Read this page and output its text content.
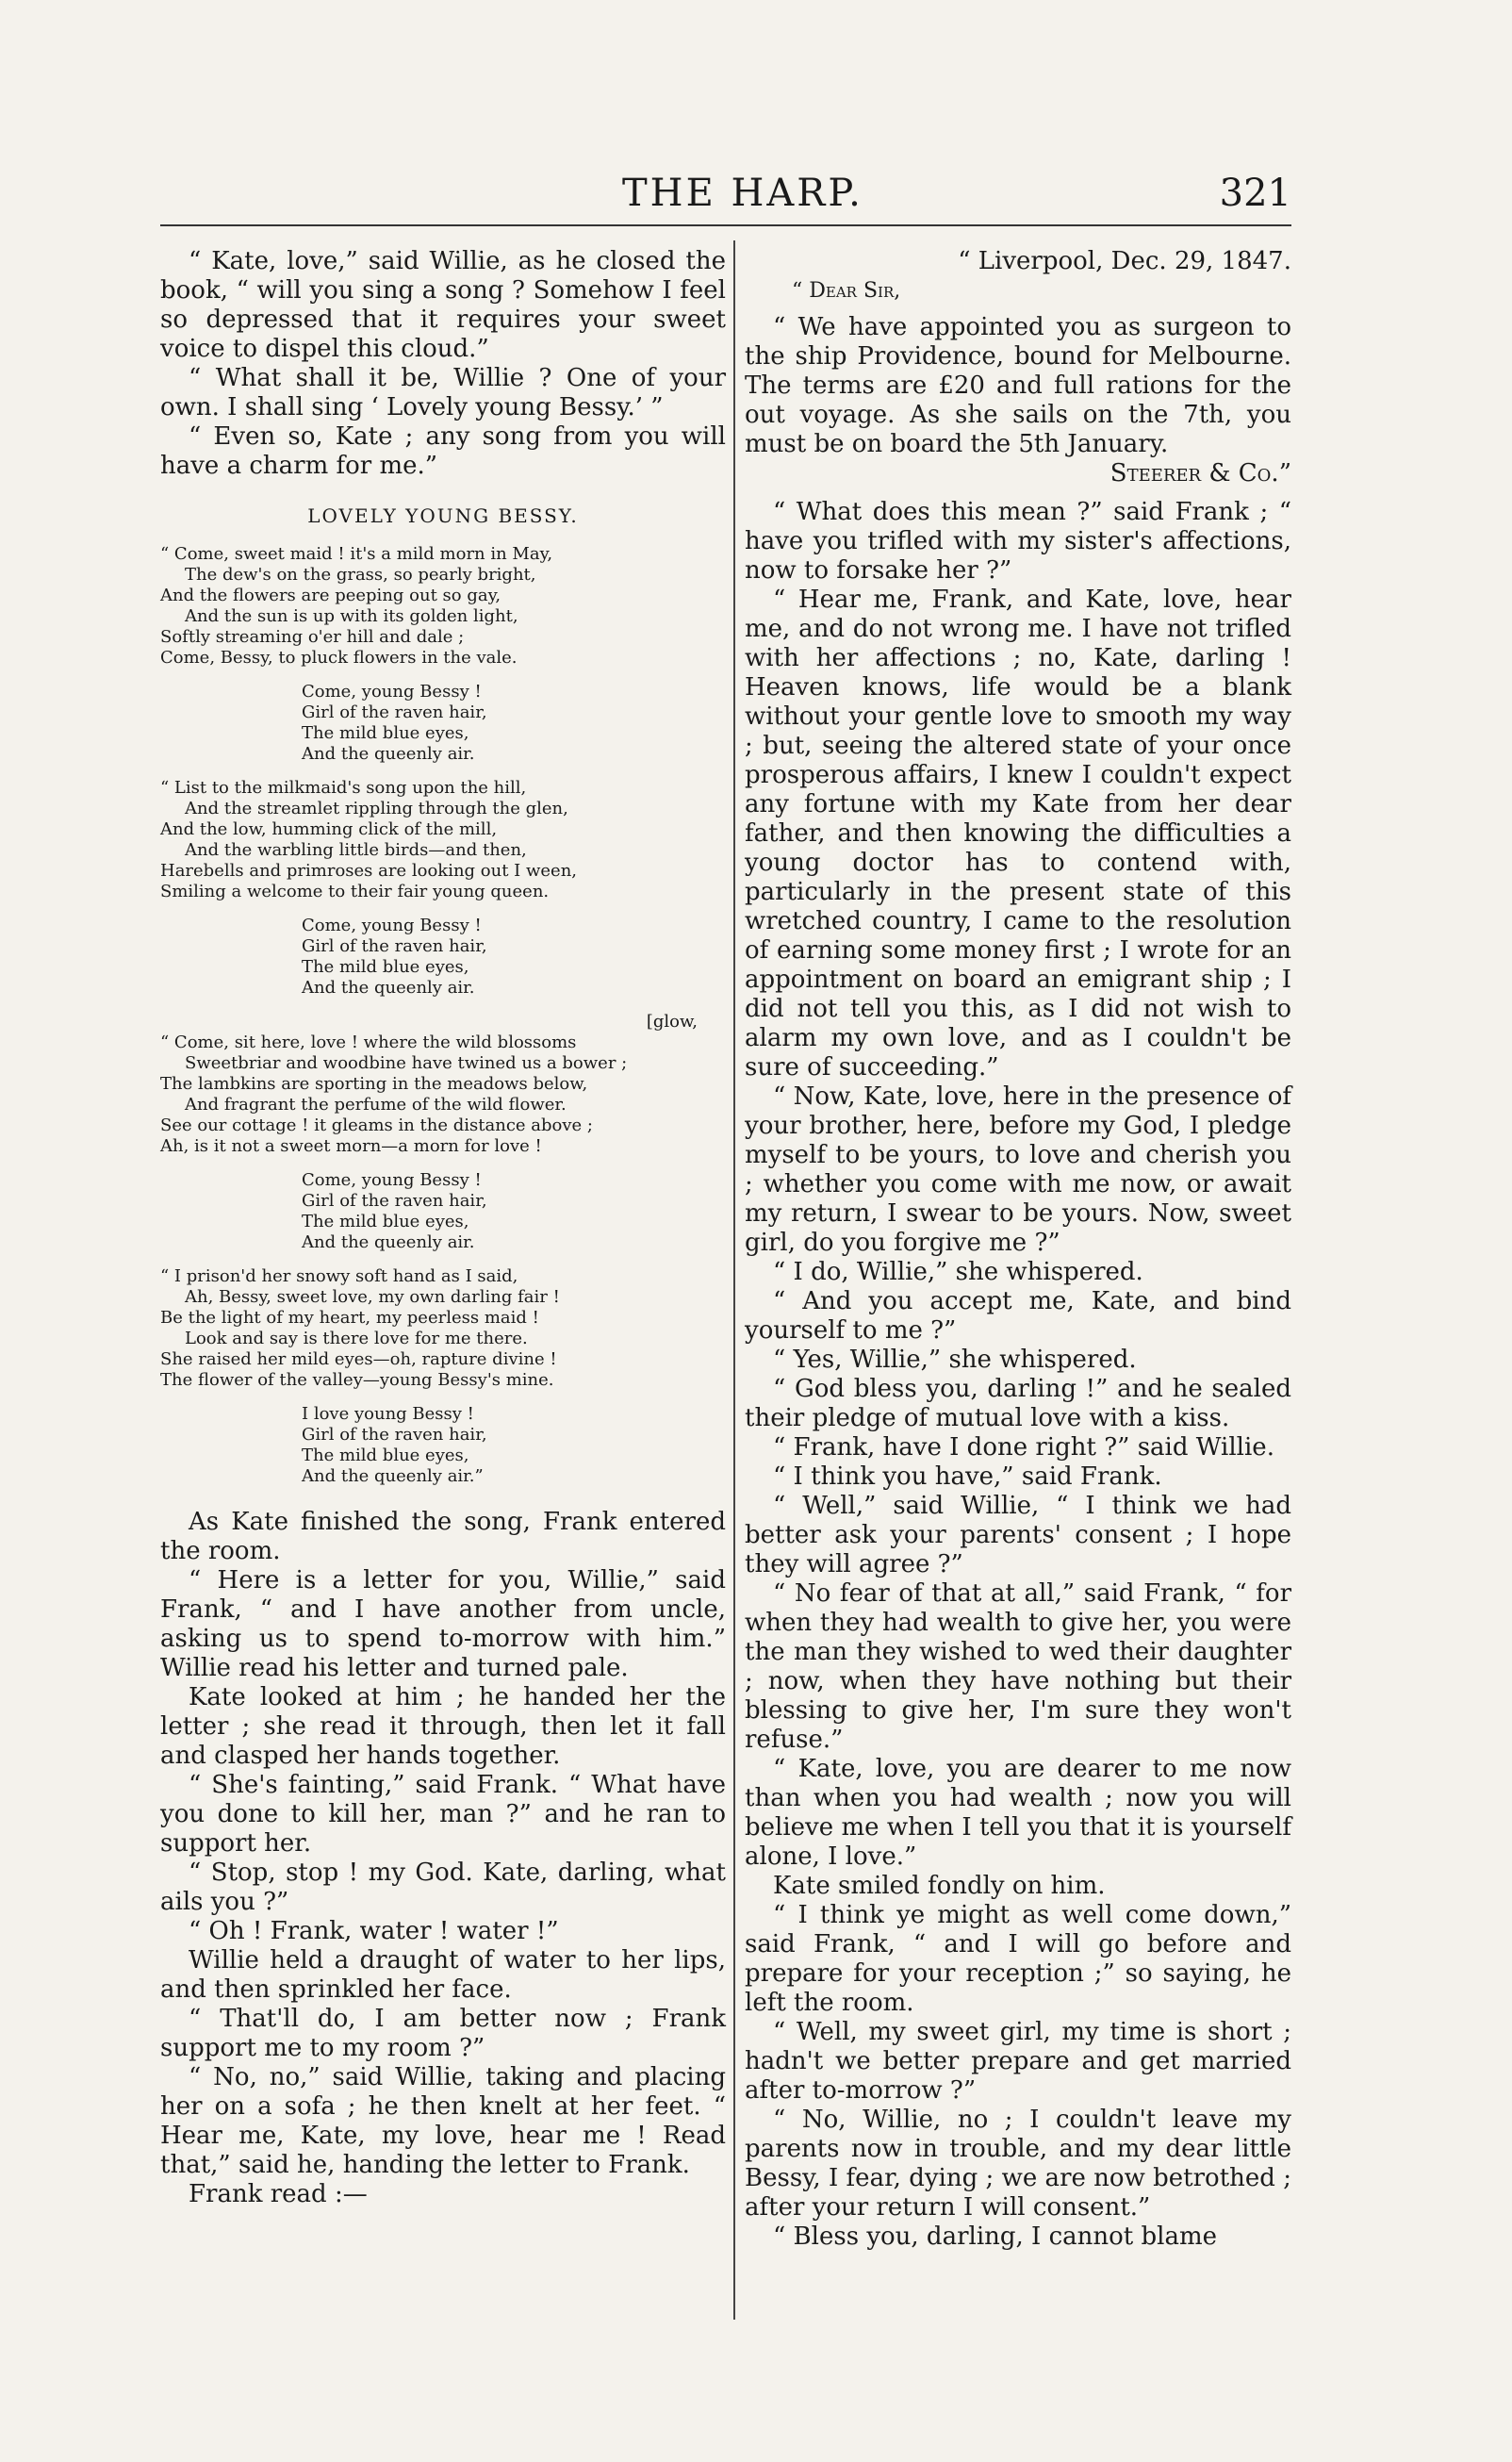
THE HARP.	321

“ Kate, love,” said Willie, as he closed the book, “ will you sing a song ? Somehow I feel so depressed that it requires your sweet voice to dispel this cloud.”

“ What shall it be, Willie ? One of your own. I shall sing ‘ Lovely young Bessy.’ ”

“ Even so, Kate ; any song from you will have a charm for me.”

LOVELY YOUNG BESSY.
“ Come, sweet maid ! it's a mild morn in May,
The dew's on the grass, so pearly bright,
And the flowers are peeping out so gay,
And the sun is up with its golden light,
Softly streaming o'er hill and dale ;
Come, Bessy, to pluck flowers in the vale.
Come, young Bessy !
Girl of the raven hair,
The mild blue eyes,
And the queenly air.
“ List to the milkmaid's song upon the hill,
And the streamlet rippling through the glen,
And the low, humming click of the mill,
And the warbling little birds—and then,
Harebells and primroses are looking out I ween,
Smiling a welcome to their fair young queen.
Come, young Bessy !
Girl of the raven hair,
The mild blue eyes,
And the queenly air.
[glow,
“ Come, sit here, love ! where the wild blossoms
Sweetbriar and woodbine have twined us a bower ;
The lambkins are sporting in the meadows below,
And fragrant the perfume of the wild flower.
See our cottage ! it gleams in the distance above ;
Ah, is it not a sweet morn—a morn for love !
Come, young Bessy !
Girl of the raven hair,
The mild blue eyes,
And the queenly air.
“ I prison'd her snowy soft hand as I said,
Ah, Bessy, sweet love, my own darling fair !
Be the light of my heart, my peerless maid !
Look and say is there love for me there.
She raised her mild eyes—oh, rapture divine !
The flower of the valley—young Bessy's mine.
I love young Bessy !
Girl of the raven hair,
The mild blue eyes,
And the queenly air.”

As Kate finished the song, Frank entered the room.

“ Here is a letter for you, Willie,” said Frank, “ and I have another from uncle, asking us to spend to-morrow with him.” Willie read his letter and turned pale.

Kate looked at him ; he handed her the letter ; she read it through, then let it fall and clasped her hands together.

“ She's fainting,” said Frank. “ What have you done to kill her, man ?” and he ran to support her.

“ Stop, stop ! my God. Kate, darling, what ails you ?”

“ Oh ! Frank, water ! water !”

Willie held a draught of water to her lips, and then sprinkled her face.

“ That'll do, I am better now ; Frank support me to my room ?”

“ No, no,” said Willie, taking and placing her on a sofa ; he then knelt at her feet. “ Hear me, Kate, my love, hear me ! Read that,” said he, handing the letter to Frank.

Frank read :—

“ Liverpool, Dec. 29, 1847.
“ Dear Sir,

“ We have appointed you as surgeon to the ship Providence, bound for Melbourne. The terms are £20 and full rations for the out voyage. As she sails on the 7th, you must be on board the 5th January.

Steerer & Co.”

“ What does this mean ?” said Frank ; “ have you trifled with my sister's affections, now to forsake her ?”

“ Hear me, Frank, and Kate, love, hear me, and do not wrong me. I have not trifled with her affections ; no, Kate, darling ! Heaven knows, life would be a blank without your gentle love to smooth my way ; but, seeing the altered state of your once prosperous affairs, I knew I couldn't expect any fortune with my Kate from her dear father, and then knowing the difficulties a young doctor has to contend with, particularly in the present state of this wretched country, I came to the resolution of earning some money first ; I wrote for an appointment on board an emigrant ship ; I did not tell you this, as I did not wish to alarm my own love, and as I couldn't be sure of succeeding.”

“ Now, Kate, love, here in the presence of your brother, here, before my God, I pledge myself to be yours, to love and cherish you ; whether you come with me now, or await my return, I swear to be yours. Now, sweet girl, do you forgive me ?”

“ I do, Willie,” she whispered.

“ And you accept me, Kate, and bind yourself to me ?”

“ Yes, Willie,” she whispered.

“ God bless you, darling !” and he sealed their pledge of mutual love with a kiss.

“ Frank, have I done right ?” said Willie.

“ I think you have,” said Frank.

“ Well,” said Willie, “ I think we had better ask your parents' consent ; I hope they will agree ?”

“ No fear of that at all,” said Frank, “ for when they had wealth to give her, you were the man they wished to wed their daughter ; now, when they have nothing but their blessing to give her, I'm sure they won't refuse.”

“ Kate, love, you are dearer to me now than when you had wealth ; now you will believe me when I tell you that it is yourself alone, I love.”

Kate smiled fondly on him.

“ I think ye might as well come down,” said Frank, “ and I will go before and prepare for your reception ;” so saying, he left the room.

“ Well, my sweet girl, my time is short ; hadn't we better prepare and get married after to-morrow ?”

“ No, Willie, no ; I couldn't leave my parents now in trouble, and my dear little Bessy, I fear, dying ; we are now betrothed ; after your return I will consent.”

“ Bless you, darling, I cannot blame
